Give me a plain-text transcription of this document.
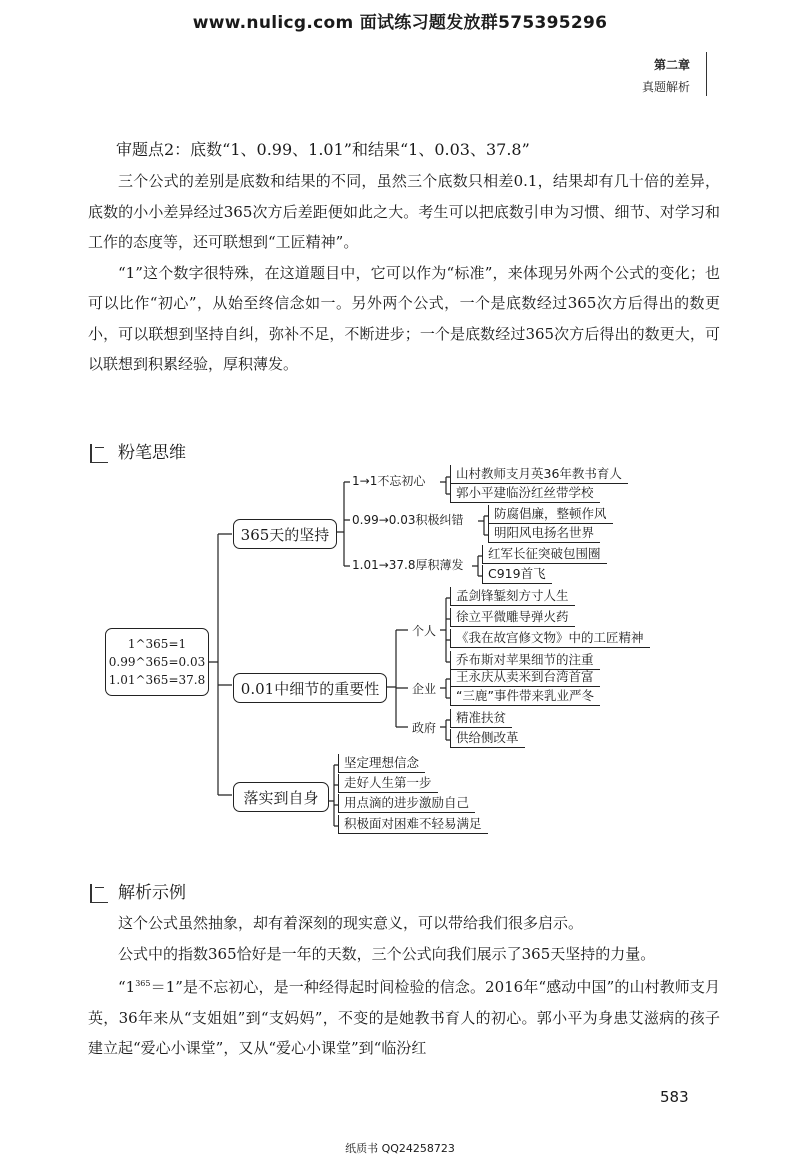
www.nulicg.com 面试练习题发放群575395296
第二章
真题解析
审题点2：底数“1、0.99、1.01”和结果“1、0.03、37.8”

三个公式的差别是底数和结果的不同，虽然三个底数只相差0.1，结果却有几十倍的差异，底数的小小差异经过365次方后差距便如此之大。考生可以把底数引申为习惯、细节、对学习和工作的态度等，还可联想到“工匠精神”。

“1”这个数字很特殊，在这道题目中，它可以作为“标准”，来体现另外两个公式的变化；也可以比作“初心”，从始至终信念如一。另外两个公式，一个是底数经过365次方后得出的数更小，可以联想到坚持自纠，弥补不足，不断进步；一个是底数经过365次方后得出的数更大，可以联想到积累经验，厚积薄发。

粉笔思维
1^365=1
0.99^365=0.03
1.01^365=37.8
365天的坚持
0.01中细节的重要性
落实到自身
1→1不忘初心
0.99→0.03积极纠错
1.01→37.8厚积薄发
山村教师支月英36年教书育人
郭小平建临汾红丝带学校
防腐倡廉，整顿作风
明阳风电扬名世界
红军长征突破包围圈
C919首飞
个人
企业
政府
孟剑锋錾刻方寸人生
徐立平微雕导弹火药
《我在故宫修文物》中的工匠精神
乔布斯对苹果细节的注重
王永庆从卖米到台湾首富
“三鹿”事件带来乳业严冬
精准扶贫
供给侧改革
坚定理想信念
走好人生第一步
用点滴的进步激励自己
积极面对困难不轻易满足
解析示例

这个公式虽然抽象，却有着深刻的现实意义，可以带给我们很多启示。

公式中的指数365恰好是一年的天数，三个公式向我们展示了365天坚持的力量。

“$1^{365}=1$”是不忘初心，是一种经得起时间检验的信念。2016年“感动中国”的山村教师支月英，36年来从“支姐姐”到“支妈妈”，不变的是她教书育人的初心。郭小平为身患艾滋病的孩子建立起“爱心小课堂”，又从“爱心小课堂”到“临汾红

583
纸质书 QQ24258723
